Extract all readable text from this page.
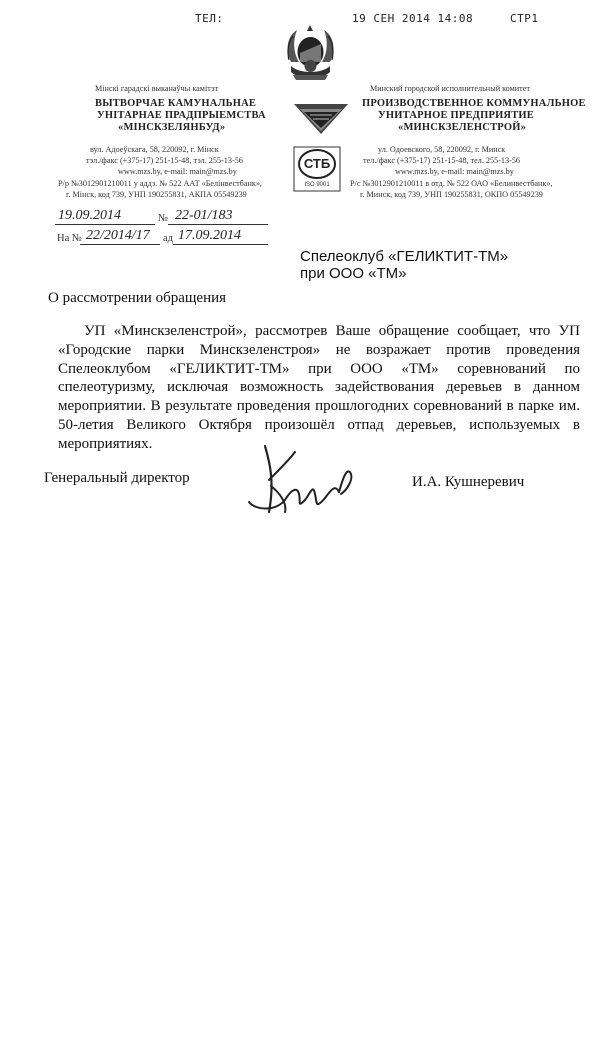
ТЕЛ:	19 СЕН 2014 14:08	СТР1
Мінскі гарадскі выканаўчы камітэт
ВЫТВОРЧАЕ КАМУНАЛЬНАЕ
УНІТАРНАЕ ПРАДПРЫЕМСТВА
«МІНСКЗЕЛЯНБУД»
вул. Адоеўскага, 58, 220092, г. Мінск
тэл./факс (+375-17) 251-15-48, тэл. 255-13-56
www.mzs.by, e-mail: main@mzs.by
Р/р №3012901210011 у аддз. № 522 ААТ «Белінвестбанк»,
г. Мінск, код 739, УНП 190255831, АКПА 05549239
СТБ
ISO 9001
Минский городской исполнительный комитет
ПРОИЗВОДСТВЕННОЕ КОММУНАЛЬНОЕ
УНИТАРНОЕ ПРЕДПРИЯТИЕ
«МИНСКЗЕЛЕНСТРОЙ»
ул. Одоевского, 58, 220092, г. Минск
тел./факс (+375-17) 251-15-48, тел. 255-13-56
www.mzs.by, e-mail: main@mzs.by
Р/с №3012901210011 в отд. № 522 ОАО «Белинвестбанк»,
г. Минск, код 739, УНП 190255831, ОКПО 05549239
19.09.2014	№ 22-01/183
На № 22/2014/17 ад 17.09.2014
Спелеоклуб «ГЕЛИКТИТ-ТМ»
при ООО «ТМ»
О рассмотрении обращения
УП «Минскзеленстрой», рассмотрев Ваше обращение сообщает, что УП «Городские парки Минскзеленстроя» не возражает против проведения Спелеоклубом «ГЕЛИКТИТ-ТМ» при ООО «ТМ» соревнований по спелеотуризму, исключая возможность задействования деревьев в данном мероприятии. В результате проведения прошлогодних соревнований в парке им. 50-летия Великого Октября произошёл отпад деревьев, используемых в мероприятиях.
Генеральный директор	И.А. Кушнеревич
